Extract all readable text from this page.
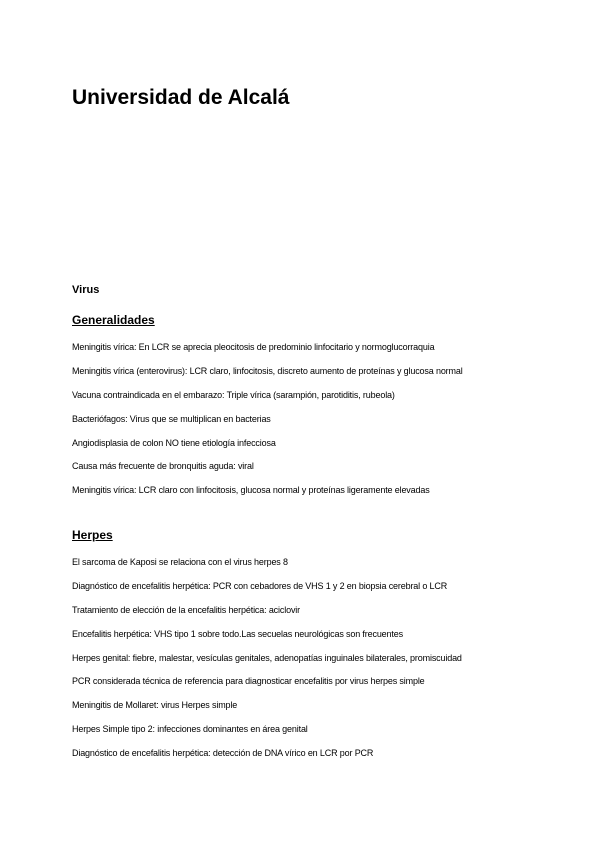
Universidad de Alcalá
Virus
Generalidades
Meningitis vírica: En LCR se aprecia pleocitosis de predominio linfocitario y normoglucorraquia
Meningitis vírica (enterovirus): LCR claro, linfocitosis, discreto aumento de proteínas y glucosa normal
Vacuna contraindicada en el embarazo: Triple vírica (sarampión, parotiditis, rubeola)
Bacteriófagos: Virus que se multiplican en bacterias
Angiodisplasia de colon NO tiene etiología infecciosa
Causa más frecuente de bronquitis aguda: viral
Meningitis vírica: LCR claro con linfocitosis, glucosa normal y proteínas ligeramente elevadas
Herpes
El sarcoma de Kaposi se relaciona con el virus herpes 8
Diagnóstico de encefalitis herpética: PCR con cebadores de VHS 1 y 2 en biopsia cerebral o LCR
Tratamiento de elección de la encefalitis herpética: aciclovir
Encefalitis herpética: VHS tipo 1 sobre todo.Las secuelas neurológicas son frecuentes
Herpes genital: fiebre, malestar, vesículas genitales, adenopatías inguinales bilaterales, promiscuidad
PCR considerada técnica de referencia para diagnosticar encefalitis por virus herpes simple
Meningitis de Mollaret: virus Herpes simple
Herpes Simple tipo 2: infecciones dominantes en área genital
Diagnóstico de encefalitis herpética: detección de DNA vírico en LCR por PCR
